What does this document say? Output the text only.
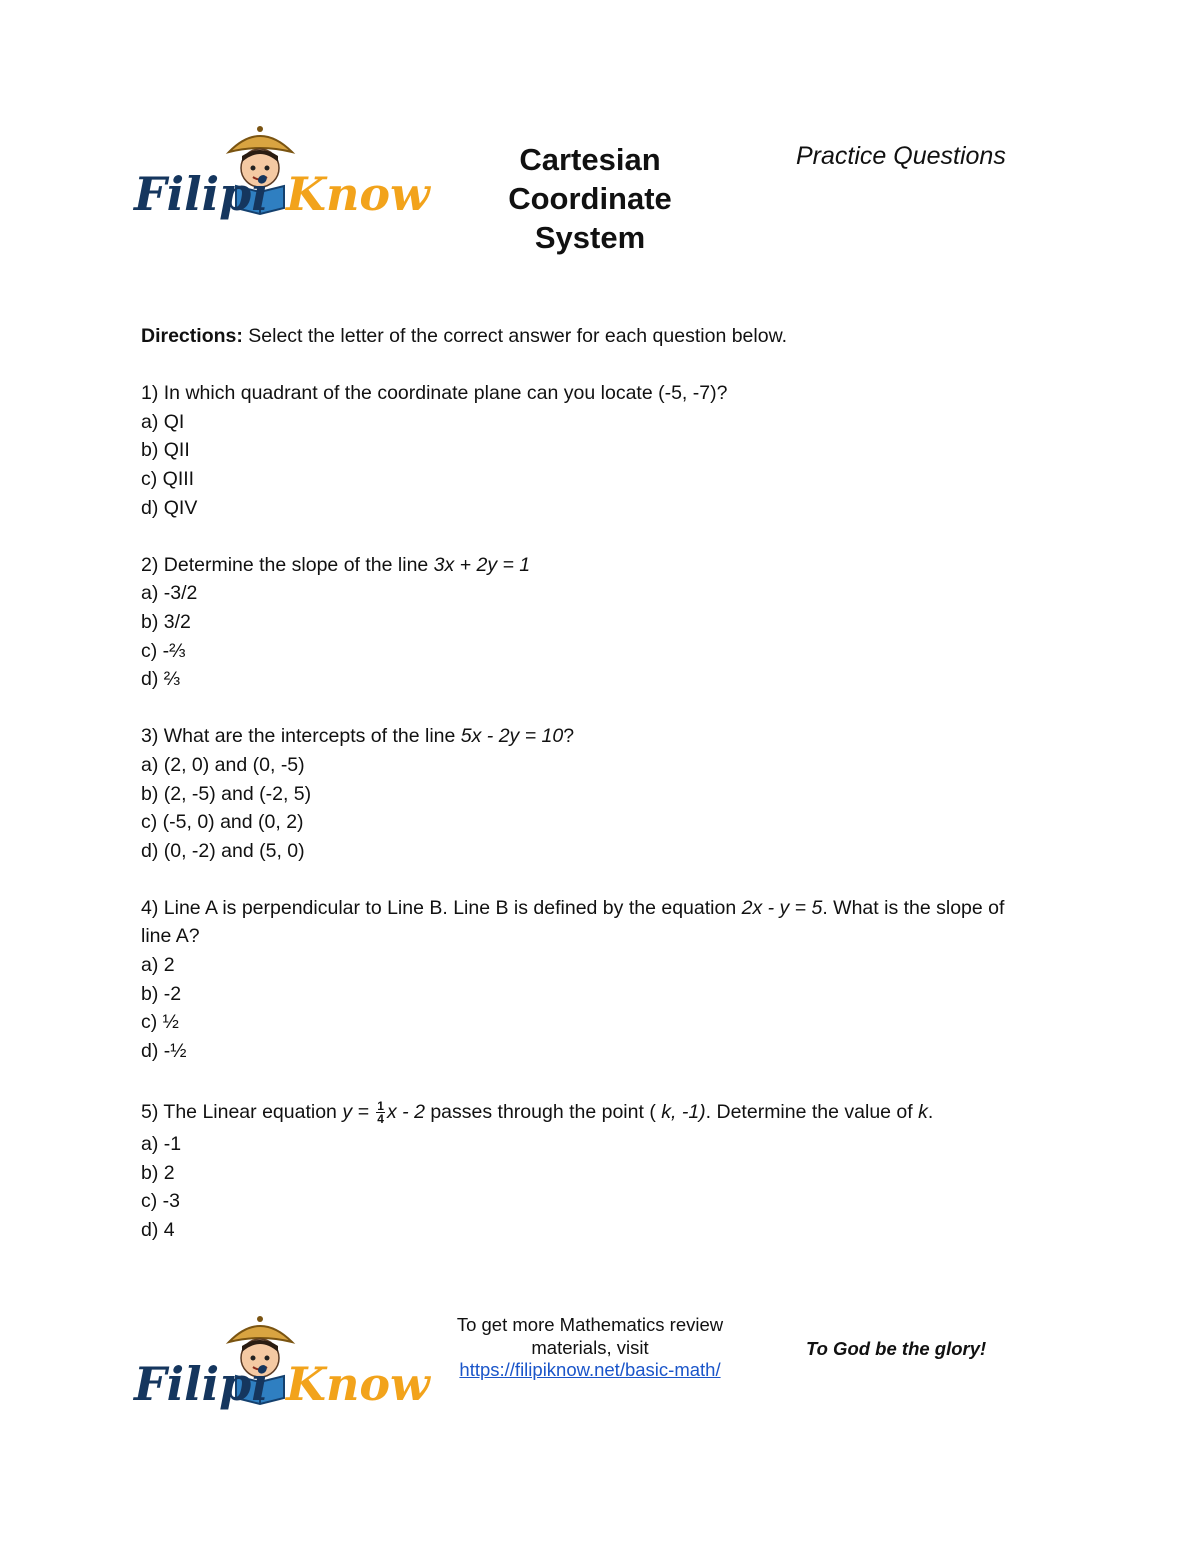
Filipi Know
Cartesian
Coordinate
System
Practice Questions

Directions: Select the letter of the correct answer for each question below.

1) In which quadrant of the coordinate plane can you locate (-5, -7)?

a) QI

b) QII

c) QIII

d) QIV

2) Determine the slope of the line 3x + 2y = 1

a) -3/2

b) 3/2

c) -⅔

d) ⅔

3) What are the intercepts of the line 5x - 2y = 10?

a) (2, 0) and (0, -5)

b) (2, -5) and (-2, 5)

c) (-5, 0) and (0, 2)

d) (0, -2) and (5, 0)

4) Line A is perpendicular to Line B. Line B is defined by the equation 2x - y = 5. What is the slope of line A?

a) 2

b) -2

c) ½

d) -½

5) The Linear equation $y = \frac{1}{4}$ x - 2 passes through the point ( k, -1). Determine the value of k.

a) -1

b) 2

c) -3

d) 4

Filipi Know
To get more Mathematics review materials, visit
https://filipiknow.net/basic-math/
To God be the glory!
